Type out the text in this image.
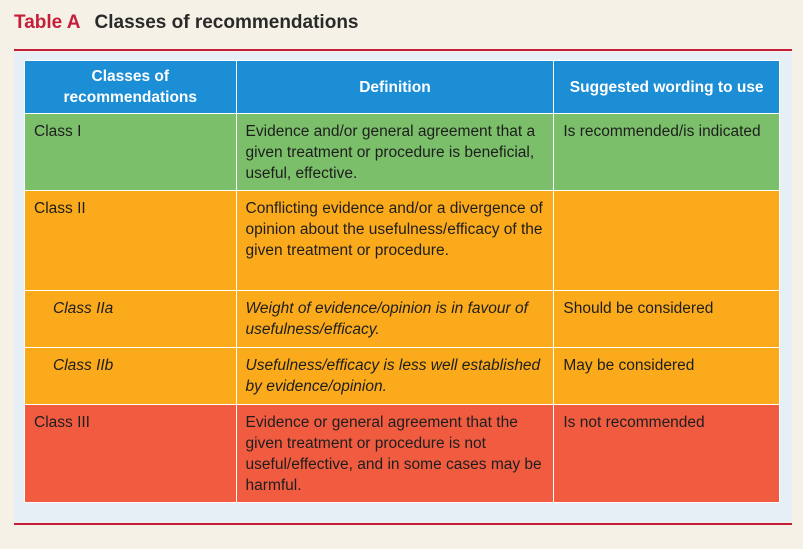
Table A Classes of recommendations
Classes of recommendations	Definition	Suggested wording to use
Class I	Evidence and/or general agreement that a given treatment or procedure is beneficial, useful, effective.	Is recommended/is indicated
Class II	Conflicting evidence and/or a divergence of opinion about the usefulness/efficacy of the given treatment or procedure.	
Class IIa	Weight of evidence/opinion is in favour of usefulness/efficacy.	Should be considered
Class IIb	Usefulness/efficacy is less well established by evidence/opinion.	May be considered
Class III	Evidence or general agreement that the given treatment or procedure is not useful/effective, and in some cases may be harmful.	Is not recommended
